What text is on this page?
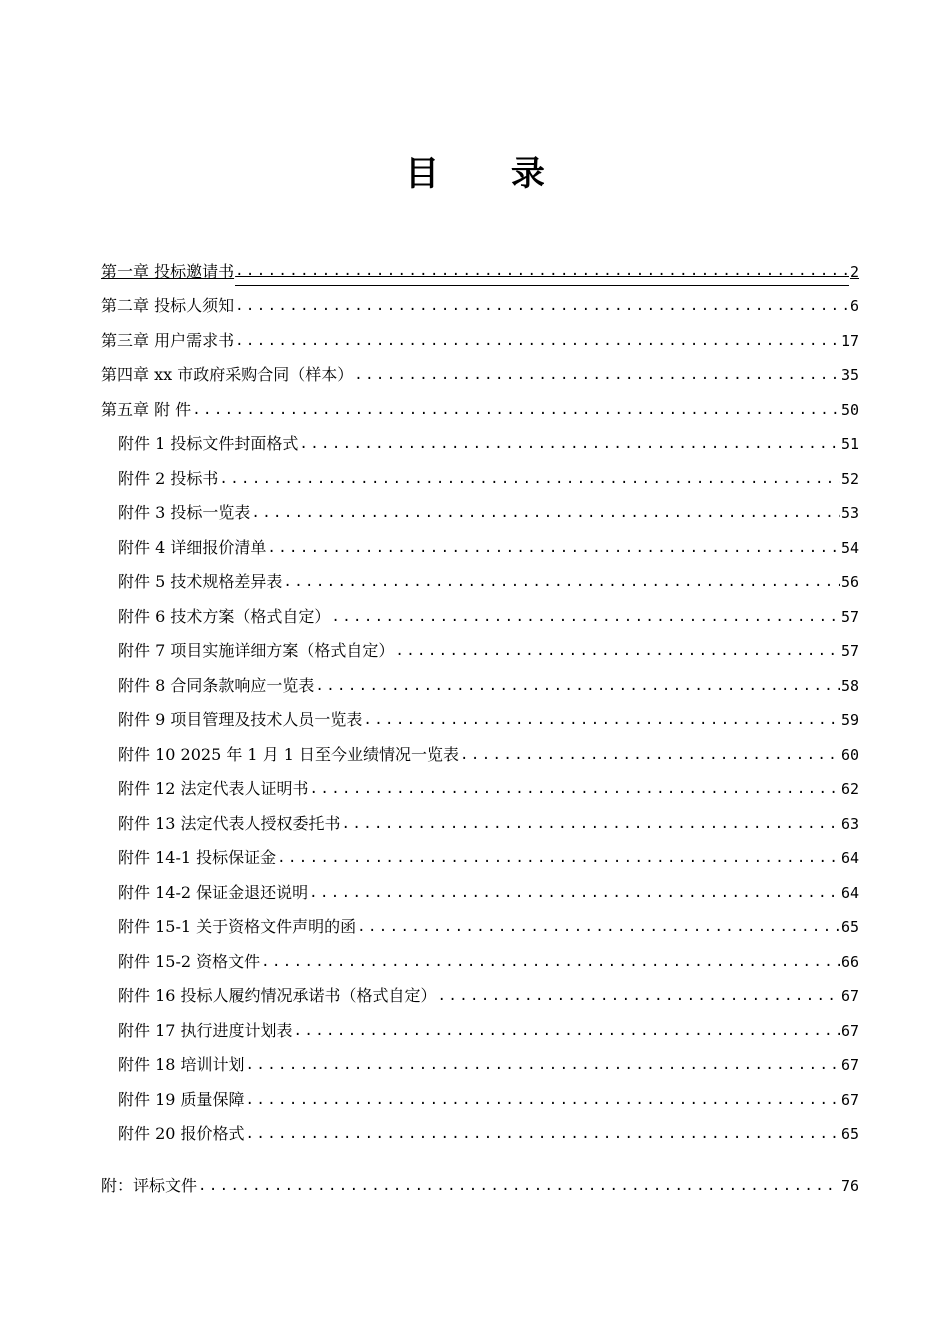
目 录
第一章 投标邀请书 .....	2
第二章 投标人须知 .....	6
第三章 用户需求书 .....	17
第四章 xx 市政府采购合同（样本） .....	35
第五章 附 件 .....	50
附件 1 投标文件封面格式 .....	51
附件 2 投标书 .....	52
附件 3 投标一览表 .....	53
附件 4 详细报价清单 .....	54
附件 5 技术规格差异表 .....	56
附件 6 技术方案（格式自定） .....	57
附件 7 项目实施详细方案（格式自定） .....	57
附件 8 合同条款响应一览表 .....	58
附件 9 项目管理及技术人员一览表 .....	59
附件 10 2025 年 1 月 1 日至今业绩情况一览表 .....	60
附件 12 法定代表人证明书 .....	62
附件 13 法定代表人授权委托书 .....	63
附件 14-1 投标保证金 .....	64
附件 14-2 保证金退还说明 .....	64
附件 15-1 关于资格文件声明的函 .....	65
附件 15-2 资格文件 .....	66
附件 16 投标人履约情况承诺书（格式自定） .....	67
附件 17 执行进度计划表 .....	67
附件 18 培训计划 .....	67
附件 19 质量保障 .....	67
附件 20 报价格式 .....	65
附：评标文件 .....	76
